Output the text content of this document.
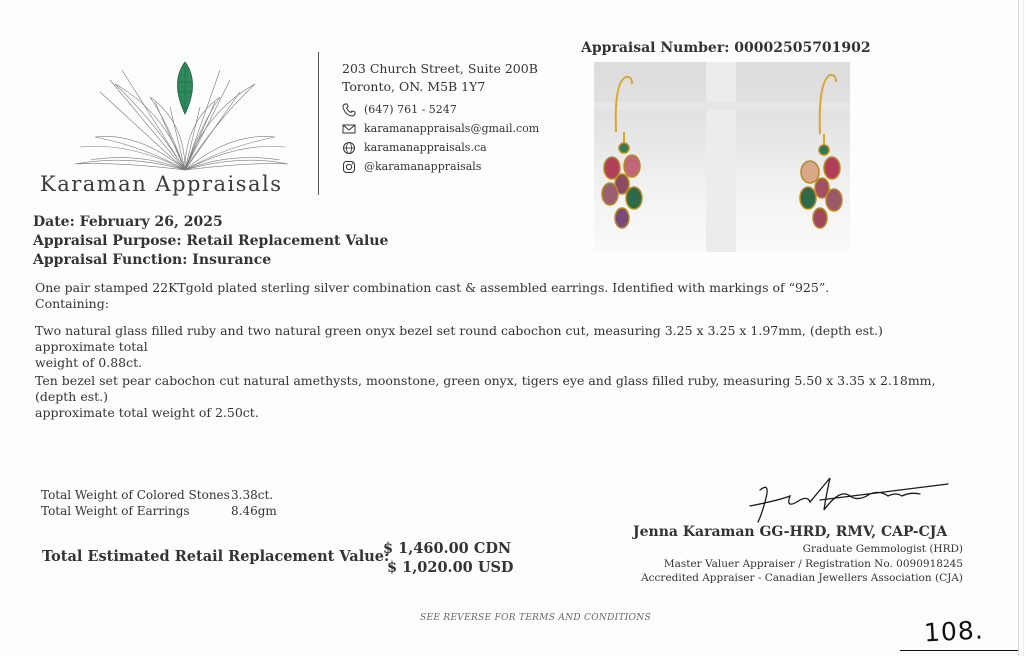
Karaman Appraisals
203 Church Street, Suite 200B
Toronto, ON. M5B 1Y7
(647) 761 - 5247
karamanappraisals@gmail.com
karamanappraisals.ca
@karamanappraisals
Appraisal Number: 00002505701902
Date: February 26, 2025
Appraisal Purpose: Retail Replacement Value
Appraisal Function: Insurance
One pair stamped 22KTgold plated sterling silver combination cast & assembled earrings. Identified with markings of “925”.
Containing:
Two natural glass filled ruby and two natural green onyx bezel set round cabochon cut, measuring 3.25 x 3.25 x 1.97mm, (depth est.) approximate total
weight of 0.88ct.
Ten bezel set pear cabochon cut natural amethysts, moonstone, green onyx, tigers eye and glass filled ruby, measuring 5.50 x 3.35 x 2.18mm, (depth est.)
approximate total weight of 2.50ct.
Total Weight of Colored Stones 3.38ct.
Total Weight of Earrings	8.46gm
Total Estimated Retail Replacement Value:
$ 1,460.00 CDN
$ 1,020.00 USD
Jenna Karaman GG-HRD, RMV, CAP-CJA
Graduate Gemmologist (HRD)
Master Valuer Appraiser / Registration No. 0090918245
Accredited Appraiser - Canadian Jewellers Association (CJA)
SEE REVERSE FOR TERMS AND CONDITIONS	108.
